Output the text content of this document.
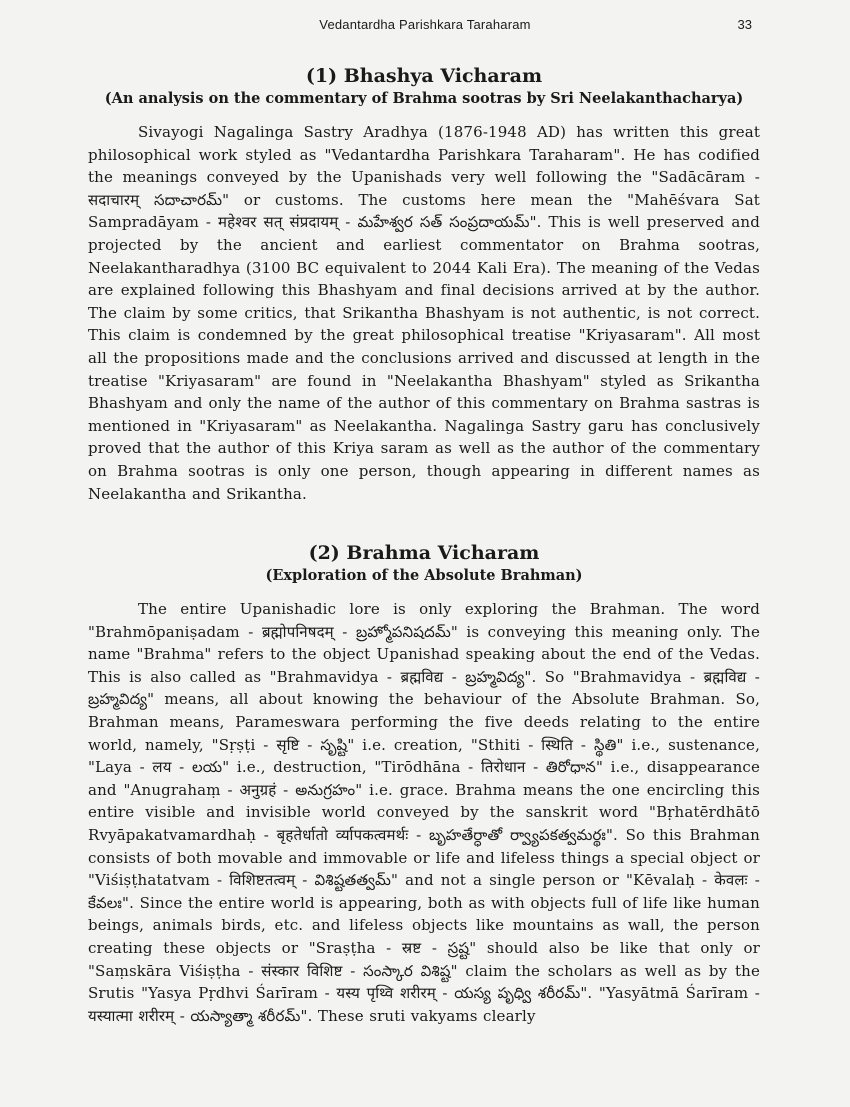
Vedantardha Parishkara Taraharam	33
(1) Bhashya Vicharam
(An analysis on the commentary of Brahma sootras by Sri Neelakanthacharya)

Sivayogi Nagalinga Sastry Aradhya (1876-1948 AD) has written this great philosophical work styled as "Vedantardha Parishkara Taraharam". He has codified the meanings conveyed by the Upanishads very well following the "Sadācāram - सदाचारम् సదాచారమ్" or customs. The customs here mean the "Mahēśvara Sat Sampradāyam - महेश्वर सत् संप्रदायम् - మహేశ్వర సత్ సంప్రదాయమ్". This is well preserved and projected by the ancient and earliest commentator on Brahma sootras, Neelakantharadhya (3100 BC equivalent to 2044 Kali Era). The meaning of the Vedas are explained following this Bhashyam and final decisions arrived at by the author. The claim by some critics, that Srikantha Bhashyam is not authentic, is not correct. This claim is condemned by the great philosophical treatise "Kriyasaram". All most all the propositions made and the conclusions arrived and discussed at length in the treatise "Kriyasaram" are found in "Neelakantha Bhashyam" styled as Srikantha Bhashyam and only the name of the author of this commentary on Brahma sastras is mentioned in "Kriyasaram" as Neelakantha. Nagalinga Sastry garu has conclusively proved that the author of this Kriya saram as well as the author of the commentary on Brahma sootras is only one person, though appearing in different names as Neelakantha and Srikantha.

(2) Brahma Vicharam
(Exploration of the Absolute Brahman)

The entire Upanishadic lore is only exploring the Brahman. The word "Brahmōpaniṣadam - ब्रह्मोपनिषदम् - బ్రహ్మోపనిషదమ్" is conveying this meaning only. The name "Brahma" refers to the object Upanishad speaking about the end of the Vedas. This is also called as "Brahmavidya - ब्रह्मविद्य - బ్రహ్మవిద్య". So "Brahmavidya - ब्रह्मविद्य - బ్రహ్మవిద్య" means, all about knowing the behaviour of the Absolute Brahman. So, Brahman means, Parameswara performing the five deeds relating to the entire world, namely, "Sṛṣṭi - सृष्टि - సృష్టి" i.e. creation, "Sthiti - स्थिति - స్థితి" i.e., sustenance, "Laya - लय - లయ" i.e., destruction, "Tirōdhāna - तिरोधान - తిరోధాన" i.e., disappearance and "Anugrahaṃ - अनुग्रहं - అనుగ్రహం" i.e. grace. Brahma means the one encircling this entire visible and invisible world conveyed by the sanskrit word "Bṛhatērdhātō Rvyāpakatvamardhaḥ - बृहतेर्धातो र्व्यापकत्वमर्थः - బృహతేర్ధాతో ర్వ్యాపకత్వమర్థః". So this Brahman consists of both movable and immovable or life and lifeless things a special object or "Viśiṣṭhatatvam - विशिष्टतत्वम् - విశిష్టతత్వమ్" and not a single person or "Kēvalaḥ - केवलः - కేవలః". Since the entire world is appearing, both as with objects full of life like human beings, animals birds, etc. and lifeless objects like mountains as wall, the person creating these objects or "Sraṣṭha - स्रष्ट - స్రష్ట" should also be like that only or "Saṃskāra Viśiṣṭha - संस्कार विशिष्ट - సంస్కార విశిష్ట" claim the scholars as well as by the Srutis "Yasya Pṛdhvi Śarīram - यस्य पृथ्वि शरीरम् - యస్య పృధ్వి శరీరమ్". "Yasyātmā Śarīram - यस्यात्मा शरीरम् - యస్యాత్మా శరీరమ్". These sruti vakyams clearly
